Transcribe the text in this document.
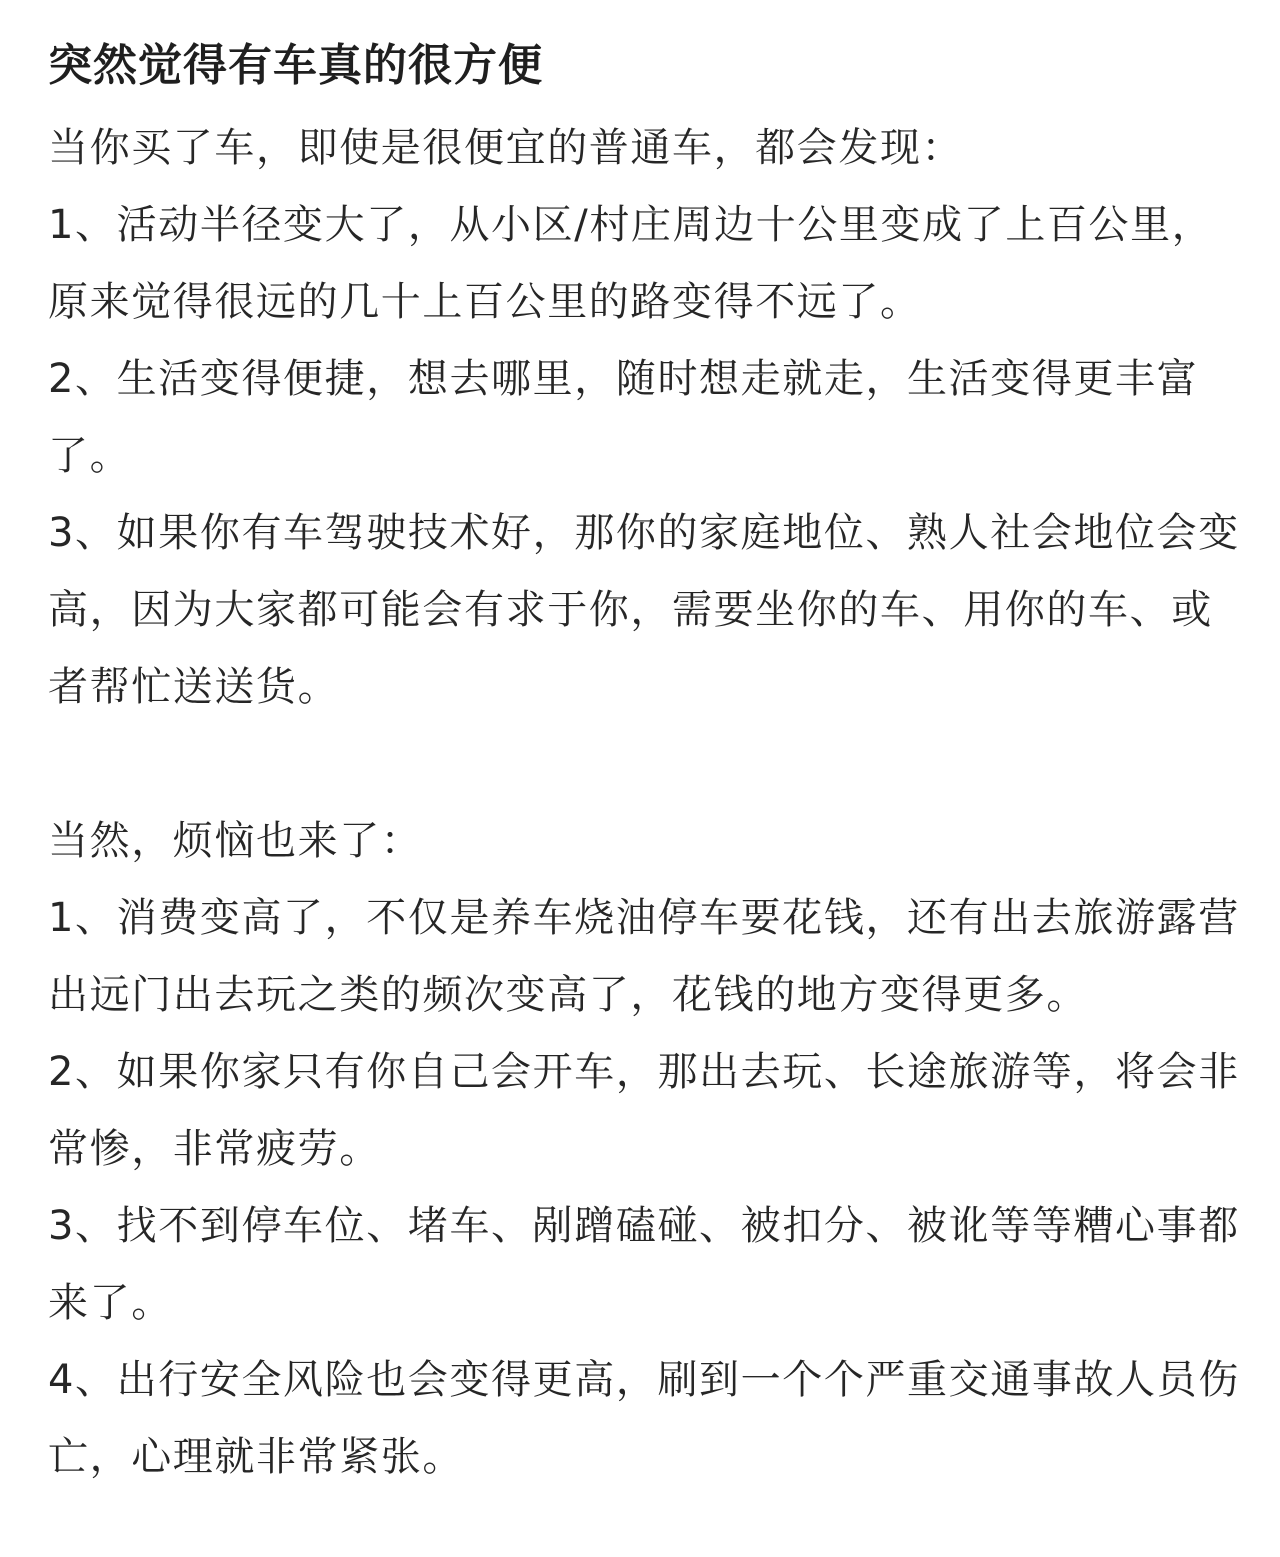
突然觉得有车真的很方便

当你买了车，即使是很便宜的普通车，都会发现：

1、活动半径变大了，从小区/村庄周边十公里变成了上百公里，原来觉得很远的几十上百公里的路变得不远了。

2、生活变得便捷，想去哪里，随时想走就走，生活变得更丰富了。

3、如果你有车驾驶技术好，那你的家庭地位、熟人社会地位会变高，因为大家都可能会有求于你，需要坐你的车、用你的车、或者帮忙送送货。

当然，烦恼也来了：

1、消费变高了，不仅是养车烧油停车要花钱，还有出去旅游露营出远门出去玩之类的频次变高了，花钱的地方变得更多。

2、如果你家只有你自己会开车，那出去玩、长途旅游等，将会非常惨，非常疲劳。

3、找不到停车位、堵车、剐蹭磕碰、被扣分、被讹等等糟心事都来了。

4、出行安全风险也会变得更高，刷到一个个严重交通事故人员伤亡，心理就非常紧张。
